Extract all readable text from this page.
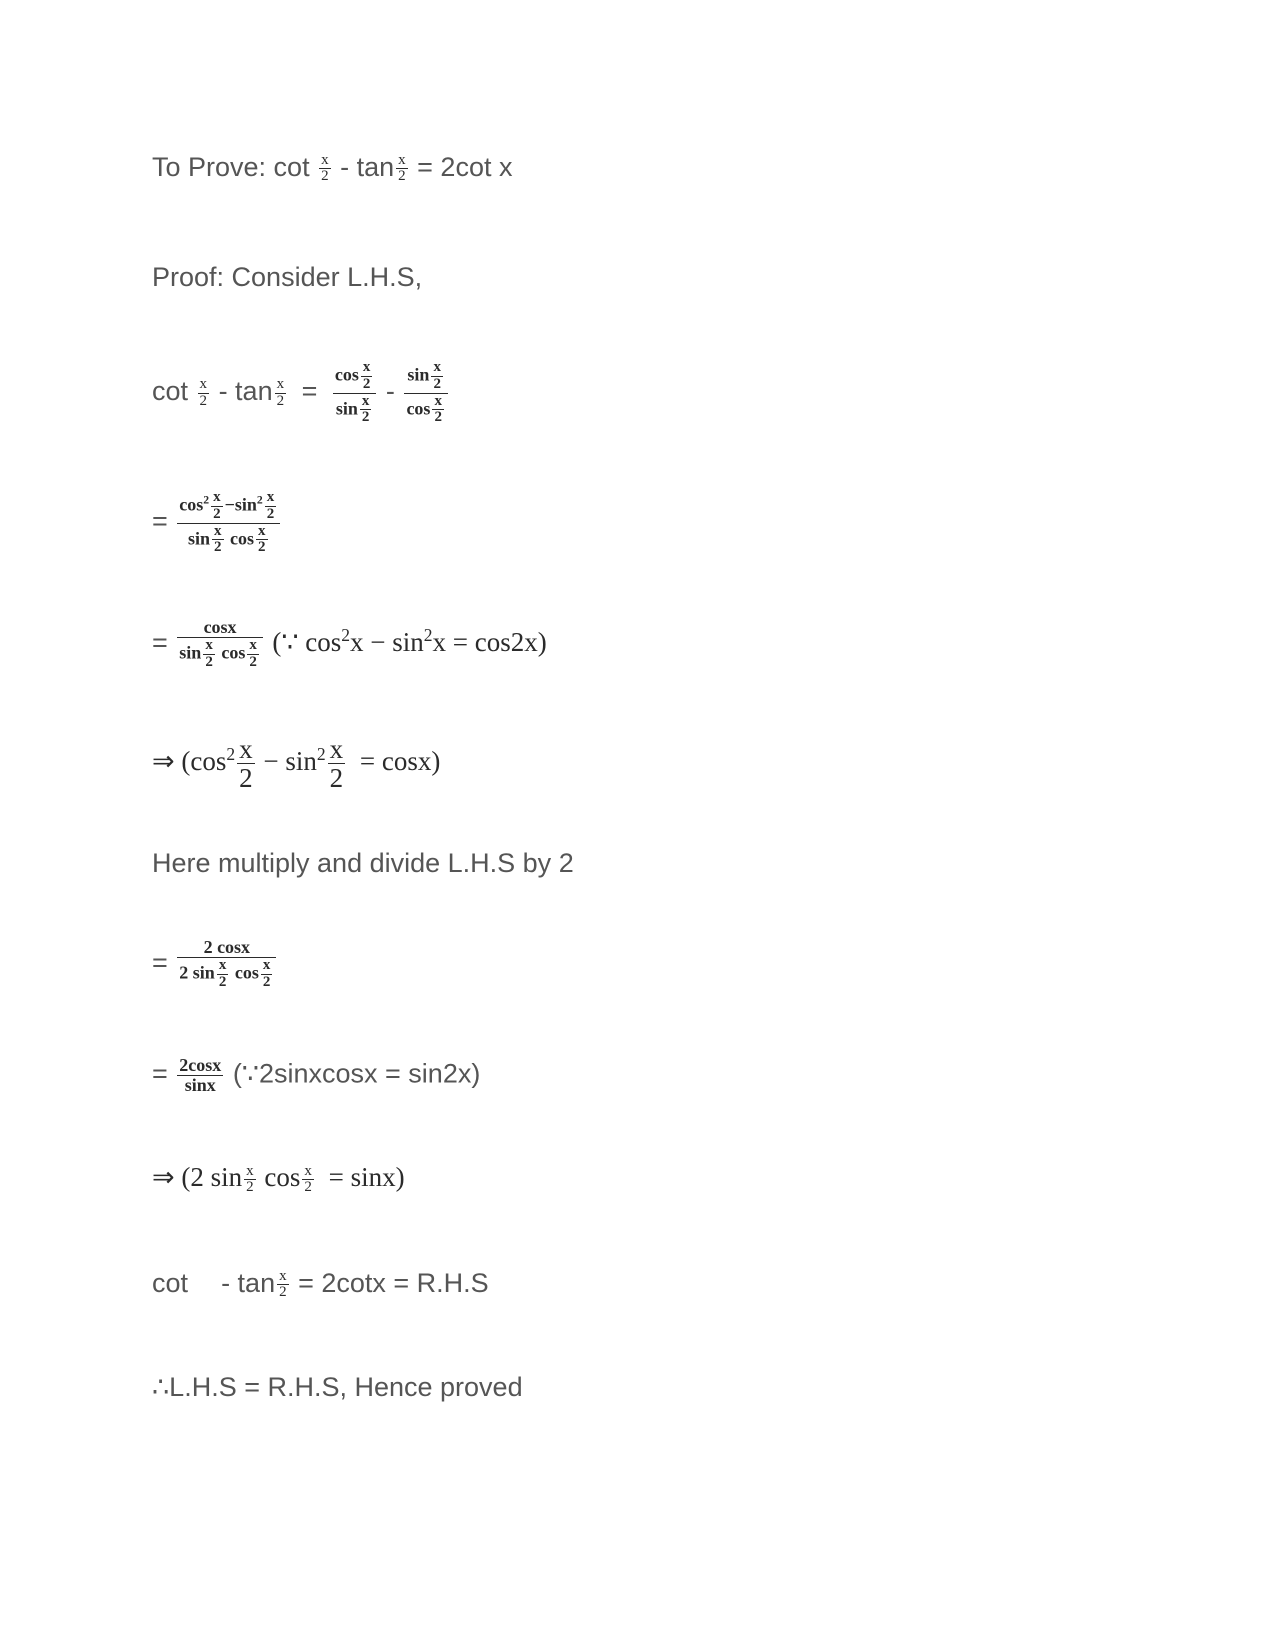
To Prove: $\cot \frac{x}{2} - \tan \frac{x}{2} = 2\cot$ x
Proof: Consider L.H.S,
$\cot \frac{x}{2} - \tan \frac{x}{2} = \frac{\cos \frac{x}{2}}{\sin \frac{x}{2}} - \frac{\sin \frac{x}{2}}{\cos \frac{x}{2}}$
= $\frac{\cos^2 \frac{x}{2} -\sin^2 \frac{x}{2}}{\sin \frac{x}{2} \cos \frac{x}{2}}$
= $\frac{\cos x}{\sin \frac{x}{2} \cos \frac{x}{2}}$ (∵ $\cos^2x - \sin^2x = \cos 2x$)
⇒ $(\cos^2 \frac{x}{2} - \sin^2 \frac{x}{2} = \cos x)$
Here multiply and divide L.H.S by 2
= $\frac{2 \cos x}{2 \sin \frac{x}{2} \cos \frac{x}{2}}$
= $\frac{2\cos x}{\sin x}$ (∵2sinxcosx = sin2x)
⇒ (2 $\sin \frac{x}{2}$ $\cos \frac{x}{2} = \sin x$)
$\cot - \tan \frac{x}{2} = 2\cot x = R.H.S$
∴L.H.S = R.H.S, Hence proved
